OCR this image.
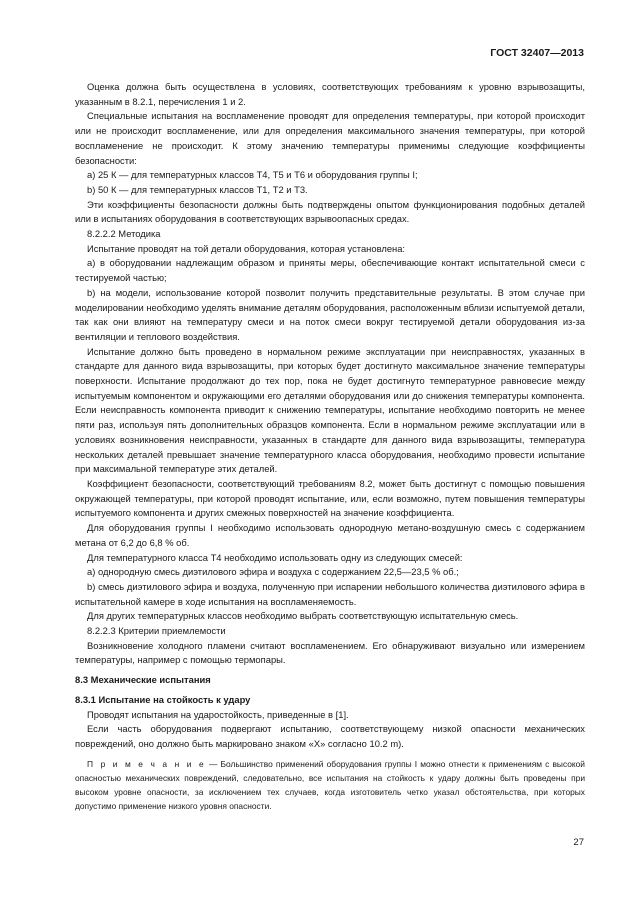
ГОСТ 32407—2013

Оценка должна быть осуществлена в условиях, соответствующих требованиям к уровню взрывозащиты, указанным в 8.2.1, перечисления 1 и 2.

Специальные испытания на воспламенение проводят для определения температуры, при которой происходит или не происходит воспламенение, или для определения максимального значения температуры, при которой воспламенение не происходит. К этому значению температуры применимы следующие коэффициенты безопасности:

а) 25 К — для температурных классов Т4, Т5 и Т6 и оборудования группы I;

b) 50 К — для температурных классов Т1, Т2 и Т3.

Эти коэффициенты безопасности должны быть подтверждены опытом функционирования подобных деталей или в испытаниях оборудования в соответствующих взрывоопасных средах.

8.2.2.2 Методика

Испытание проводят на той детали оборудования, которая установлена:

а) в оборудовании надлежащим образом и приняты меры, обеспечивающие контакт испытательной смеси с тестируемой частью;

b) на модели, использование которой позволит получить представительные результаты. В этом случае при моделировании необходимо уделять внимание деталям оборудования, расположенным вблизи испытуемой детали, так как они влияют на температуру смеси и на поток смеси вокруг тестируемой детали оборудования из-за вентиляции и теплового воздействия.

Испытание должно быть проведено в нормальном режиме эксплуатации при неисправностях, указанных в стандарте для данного вида взрывозащиты, при которых будет достигнуто максимальное значение температуры поверхности. Испытание продолжают до тех пор, пока не будет достигнуто температурное равновесие между испытуемым компонентом и окружающими его деталями оборудования или до снижения температуры компонента. Если неисправность компонента приводит к снижению температуры, испытание необходимо повторить не менее пяти раз, используя пять дополнительных образцов компонента. Если в нормальном режиме эксплуатации или в условиях возникновения неисправности, указанных в стандарте для данного вида взрывозащиты, температура нескольких деталей превышает значение температурного класса оборудования, необходимо провести испытание при максимальной температуре этих деталей.

Коэффициент безопасности, соответствующий требованиям 8.2, может быть достигнут с помощью повышения окружающей температуры, при которой проводят испытание, или, если возможно, путем повышения температуры испытуемого компонента и других смежных поверхностей на значение коэффициента.

Для оборудования группы I необходимо использовать однородную метано-воздушную смесь с содержанием метана от 6,2 до 6,8 % об.

Для температурного класса Т4 необходимо использовать одну из следующих смесей:

а) однородную смесь диэтилового эфира и воздуха с содержанием 22,5—23,5 % об.;

b) смесь диэтилового эфира и воздуха, полученную при испарении небольшого количества диэтилового эфира в испытательной камере в ходе испытания на воспламеняемость.

Для других температурных классов необходимо выбрать соответствующую испытательную смесь.

8.2.2.3 Критерии приемлемости

Возникновение холодного пламени считают воспламенением. Его обнаруживают визуально или измерением температуры, например с помощью термопары.

8.3 Механические испытания

8.3.1 Испытание на стойкость к удару

Проводят испытания на ударостойкость, приведенные в [1].

Если часть оборудования подвергают испытанию, соответствующему низкой опасности механических повреждений, оно должно быть маркировано знаком «Х» согласно 10.2 m).

П р и м е ч а н и е — Большинство применений оборудования группы I можно отнести к применениям с высокой опасностью механических повреждений, следовательно, все испытания на стойкость к удару должны быть проведены при высоком уровне опасности, за исключением тех случаев, когда изготовитель четко указал обстоятельства, при которых допустимо применение низкого уровня опасности.

27
